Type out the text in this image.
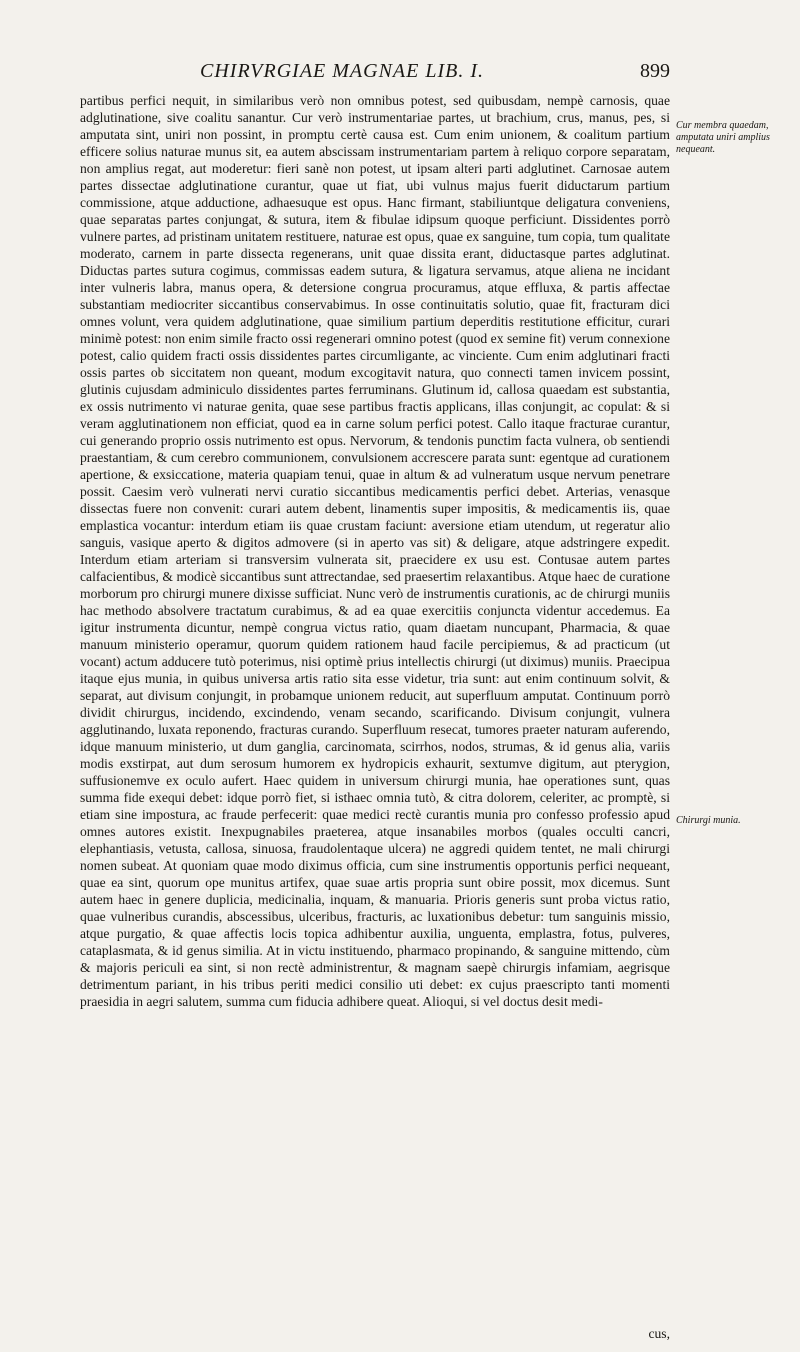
CHIRVRGIAE MAGNAE LIB. I.	899

partibus perfici nequit, in similaribus verò non omnibus potest, sed quibusdam, nempè carnosis, quae adglutinatione, sive coalitu sanantur. Cur verò instrumentariae partes, ut brachium, crus, manus, pes, si amputata sint, uniri non possint, in promptu certè causa est. Cum enim unionem, & coalitum partium efficere solius naturae munus sit, ea autem abscissam instrumentariam partem à reliquo corpore separatam, non amplius regat, aut moderetur: fieri sanè non potest, ut ipsam alteri parti adglutinet. Carnosae autem partes dissectae adglutinatione curantur, quae ut fiat, ubi vulnus majus fuerit diductarum partium commissione, atque adductione, adhaesuque est opus. Hanc firmant, stabiliuntque deligatura conveniens, quae separatas partes conjungat, & sutura, item & fibulae idipsum quoque perficiunt. Dissidentes porrò vulnere partes, ad pristinam unitatem restituere, naturae est opus, quae ex sanguine, tum copia, tum qualitate moderato, carnem in parte dissecta regenerans, unit quae dissita erant, diductasque partes adglutinat. Diductas partes sutura cogimus, commissas eadem sutura, & ligatura servamus, atque aliena ne incidant inter vulneris labra, manus opera, & detersione congrua procuramus, atque effluxa, & partis affectae substantiam mediocriter siccantibus conservabimus. In osse continuitatis solutio, quae fit, fracturam dici omnes volunt, vera quidem adglutinatione, quae similium partium deperditis restitutione efficitur, curari minimè potest: non enim simile fracto ossi regenerari omnino potest (quod ex semine fit) verum connexione potest, calio quidem fracti ossis dissidentes partes circumligante, ac vinciente. Cum enim adglutinari fracti ossis partes ob siccitatem non queant, modum excogitavit natura, quo connecti tamen invicem possint, glutinis cujusdam adminiculo dissidentes partes ferruminans. Glutinum id, callosa quaedam est substantia, ex ossis nutrimento vi naturae genita, quae sese partibus fractis applicans, illas conjungit, ac copulat: & si veram agglutinationem non efficiat, quod ea in carne solum perfici potest. Callo itaque fracturae curantur, cui generando proprio ossis nutrimento est opus. Nervorum, & tendonis punctim facta vulnera, ob sentiendi praestantiam, & cum cerebro communionem, convulsionem accrescere parata sunt: egentque ad curationem apertione, & exsiccatione, materia quapiam tenui, quae in altum & ad vulneratum usque nervum penetrare possit. Caesim verò vulnerati nervi curatio siccantibus medicamentis perfici debet. Arterias, venasque dissectas fuere non convenit: curari autem debent, linamentis super impositis, & medicamentis iis, quae emplastica vocantur: interdum etiam iis quae crustam faciunt: aversione etiam utendum, ut regeratur alio sanguis, vasique aperto & digitos admovere (si in aperto vas sit) & deligare, atque adstringere expedit. Interdum etiam arteriam si transversim vulnerata sit, praecidere ex usu est. Contusae autem partes calfacientibus, & modicè siccantibus sunt attrectandae, sed praesertim relaxantibus. Atque haec de curatione morborum pro chirurgi munere dixisse sufficiat. Nunc verò de instrumentis curationis, ac de chirurgi muniis hac methodo absolvere tractatum curabimus, & ad ea quae exercitiis conjuncta videntur accedemus. Ea igitur instrumenta dicuntur, nempè congrua victus ratio, quam diaetam nuncupant, Pharmacia, & quae manuum ministerio operamur, quorum quidem rationem haud facile percipiemus, & ad practicum (ut vocant) actum adducere tutò poterimus, nisi optimè prius intellectis chirurgi (ut diximus) muniis. Praecipua itaque ejus munia, in quibus universa artis ratio sita esse videtur, tria sunt: aut enim continuum solvit, & separat, aut divisum conjungit, in probamque unionem reducit, aut superfluum amputat. Continuum porrò dividit chirurgus, incidendo, excindendo, venam secando, scarificando. Divisum conjungit, vulnera agglutinando, luxata reponendo, fracturas curando. Superfluum resecat, tumores praeter naturam auferendo, idque manuum ministerio, ut dum ganglia, carcinomata, scirrhos, nodos, strumas, & id genus alia, variis modis exstirpat, aut dum serosum humorem ex hydropicis exhaurit, sextumve digitum, aut pterygion, suffusionemve ex oculo aufert. Haec quidem in universum chirurgi munia, hae operationes sunt, quas summa fide exequi debet: idque porrò fiet, si isthaec omnia tutò, & citra dolorem, celeriter, ac promptè, si etiam sine impostura, ac fraude perfecerit: quae medici rectè curantis munia pro confesso professio apud omnes autores existit. Inexpugnabiles praeterea, atque insanabiles morbos (quales occulti cancri, elephantiasis, vetusta, callosa, sinuosa, fraudolentaque ulcera) ne aggredi quidem tentet, ne mali chirurgi nomen subeat. At quoniam quae modo diximus officia, cum sine instrumentis opportunis perfici nequeant, quae ea sint, quorum ope munitus artifex, quae suae artis propria sunt obire possit, mox dicemus. Sunt autem haec in genere duplicia, medicinalia, inquam, & manuaria. Prioris generis sunt proba victus ratio, quae vulneribus curandis, abscessibus, ulceribus, fracturis, ac luxationibus debetur: tum sanguinis missio, atque purgatio, & quae affectis locis topica adhibentur auxilia, unguenta, emplastra, fotus, pulveres, cataplasmata, & id genus similia. At in victu instituendo, pharmaco propinando, & sanguine mittendo, cùm & majoris periculi ea sint, si non rectè administrentur, & magnam saepè chirurgis infamiam, aegrisque detrimentum pariant, in his tribus periti medici consilio uti debet: ex cujus praescripto tanti momenti praesidia in aegri salutem, summa cum fiducia adhibere queat. Alioqui, si vel doctus desit medi-

Cur membra quaedam, amputata uniri amplius nequeant.
Chirurgi munia.
cus,
